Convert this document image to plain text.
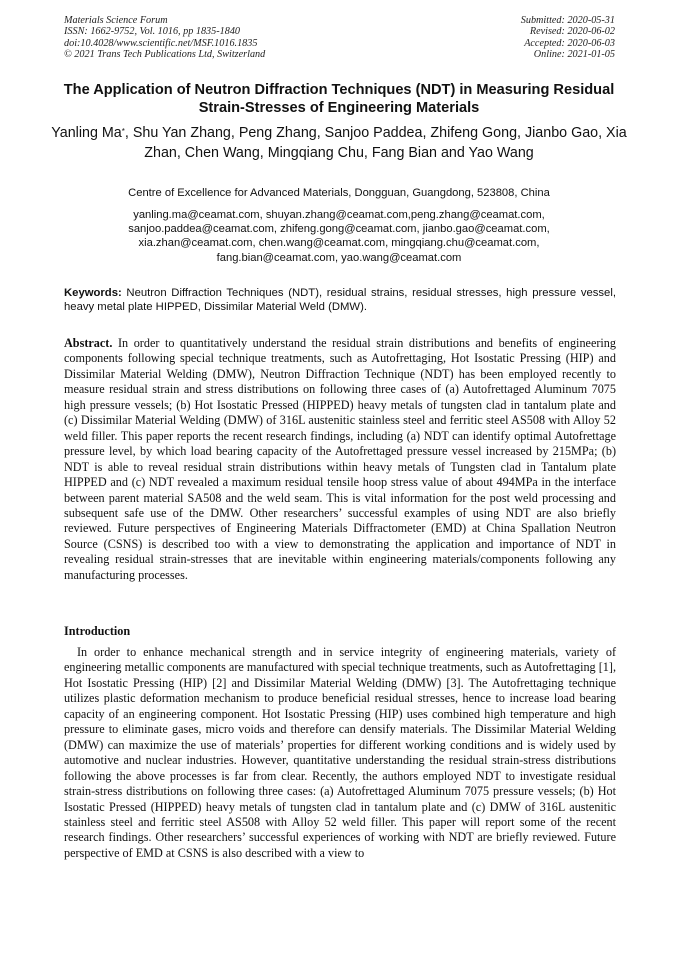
Materials Science Forum
ISSN: 1662-9752, Vol. 1016, pp 1835-1840
doi:10.4028/www.scientific.net/MSF.1016.1835
© 2021 Trans Tech Publications Ltd, Switzerland
Submitted: 2020-05-31
Revised: 2020-06-02
Accepted: 2020-06-03
Online: 2021-01-05
The Application of Neutron Diffraction Techniques (NDT) in Measuring Residual Strain-Stresses of Engineering Materials
Yanling Ma*, Shu Yan Zhang, Peng Zhang, Sanjoo Paddea, Zhifeng Gong, Jianbo Gao, Xia Zhan, Chen Wang, Mingqiang Chu, Fang Bian and Yao Wang
Centre of Excellence for Advanced Materials, Dongguan, Guangdong, 523808, China
yanling.ma@ceamat.com, shuyan.zhang@ceamat.com,peng.zhang@ceamat.com,
sanjoo.paddea@ceamat.com, zhifeng.gong@ceamat.com, jianbo.gao@ceamat.com,
xia.zhan@ceamat.com, chen.wang@ceamat.com, mingqiang.chu@ceamat.com,
fang.bian@ceamat.com, yao.wang@ceamat.com
Keywords: Neutron Diffraction Techniques (NDT), residual strains, residual stresses, high pressure vessel, heavy metal plate HIPPED, Dissimilar Material Weld (DMW).
Abstract. In order to quantitatively understand the residual strain distributions and benefits of engineering components following special technique treatments, such as Autofrettaging, Hot Isostatic Pressing (HIP) and Dissimilar Material Welding (DMW), Neutron Diffraction Technique (NDT) has been employed recently to measure residual strain and stress distributions on following three cases of (a) Autofrettaged Aluminum 7075 high pressure vessels; (b) Hot Isostatic Pressed (HIPPED) heavy metals of tungsten clad in tantalum plate and (c) Dissimilar Material Welding (DMW) of 316L austenitic stainless steel and ferritic steel AS508 with Alloy 52 weld filler. This paper reports the recent research findings, including (a) NDT can identify optimal Autofrettage pressure level, by which load bearing capacity of the Autofrettaged pressure vessel increased by 215MPa; (b) NDT is able to reveal residual strain distributions within heavy metals of Tungsten clad in Tantalum plate HIPPED and (c) NDT revealed a maximum residual tensile hoop stress value of about 494MPa in the interface between parent material SA508 and the weld seam. This is vital information for the post weld processing and subsequent safe use of the DMW. Other researchers’ successful examples of using NDT are also briefly reviewed. Future perspectives of Engineering Materials Diffractometer (EMD) at China Spallation Neutron Source (CSNS) is described too with a view to demonstrating the application and importance of NDT in revealing residual strain-stresses that are inevitable within engineering materials/components following any manufacturing processes.
Introduction
In order to enhance mechanical strength and in service integrity of engineering materials, variety of engineering metallic components are manufactured with special technique treatments, such as Autofrettaging [1], Hot Isostatic Pressing (HIP) [2] and Dissimilar Material Welding (DMW) [3]. The Autofrettaging technique utilizes plastic deformation mechanism to produce beneficial residual stresses, hence to increase load bearing capacity of an engineering component. Hot Isostatic Pressing (HIP) uses combined high temperature and high pressure to eliminate gases, micro voids and therefore can densify materials. The Dissimilar Material Welding (DMW) can maximize the use of materials’ properties for different working conditions and is widely used by automotive and nuclear industries. However, quantitative understanding the residual strain-stress distributions following the above processes is far from clear. Recently, the authors employed NDT to investigate residual strain-stress distributions on following three cases: (a) Autofrettaged Aluminum 7075 pressure vessels; (b) Hot Isostatic Pressed (HIPPED) heavy metals of tungsten clad in tantalum plate and (c) DMW of 316L austenitic stainless steel and ferritic steel AS508 with Alloy 52 weld filler. This paper will report some of the recent research findings. Other researchers’ successful experiences of working with NDT are briefly reviewed. Future perspective of EMD at CSNS is also described with a view to
